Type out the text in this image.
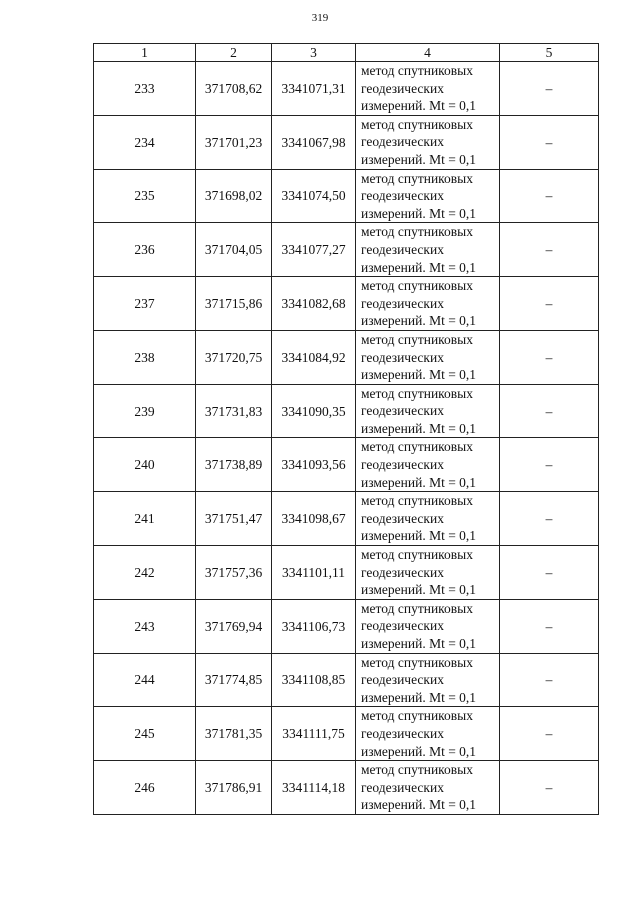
319
1	2	3	4	5
233	371708,62	3341071,31	метод спутниковых
геодезических
измерений. Mt = 0,1	–
234	371701,23	3341067,98	метод спутниковых
геодезических
измерений. Mt = 0,1	–
235	371698,02	3341074,50	метод спутниковых
геодезических
измерений. Mt = 0,1	–
236	371704,05	3341077,27	метод спутниковых
геодезических
измерений. Mt = 0,1	–
237	371715,86	3341082,68	метод спутниковых
геодезических
измерений. Mt = 0,1	–
238	371720,75	3341084,92	метод спутниковых
геодезических
измерений. Mt = 0,1	–
239	371731,83	3341090,35	метод спутниковых
геодезических
измерений. Mt = 0,1	–
240	371738,89	3341093,56	метод спутниковых
геодезических
измерений. Mt = 0,1	–
241	371751,47	3341098,67	метод спутниковых
геодезических
измерений. Mt = 0,1	–
242	371757,36	3341101,11	метод спутниковых
геодезических
измерений. Mt = 0,1	–
243	371769,94	3341106,73	метод спутниковых
геодезических
измерений. Mt = 0,1	–
244	371774,85	3341108,85	метод спутниковых
геодезических
измерений. Mt = 0,1	–
245	371781,35	3341111,75	метод спутниковых
геодезических
измерений. Mt = 0,1	–
246	371786,91	3341114,18	метод спутниковых
геодезических
измерений. Mt = 0,1	–
